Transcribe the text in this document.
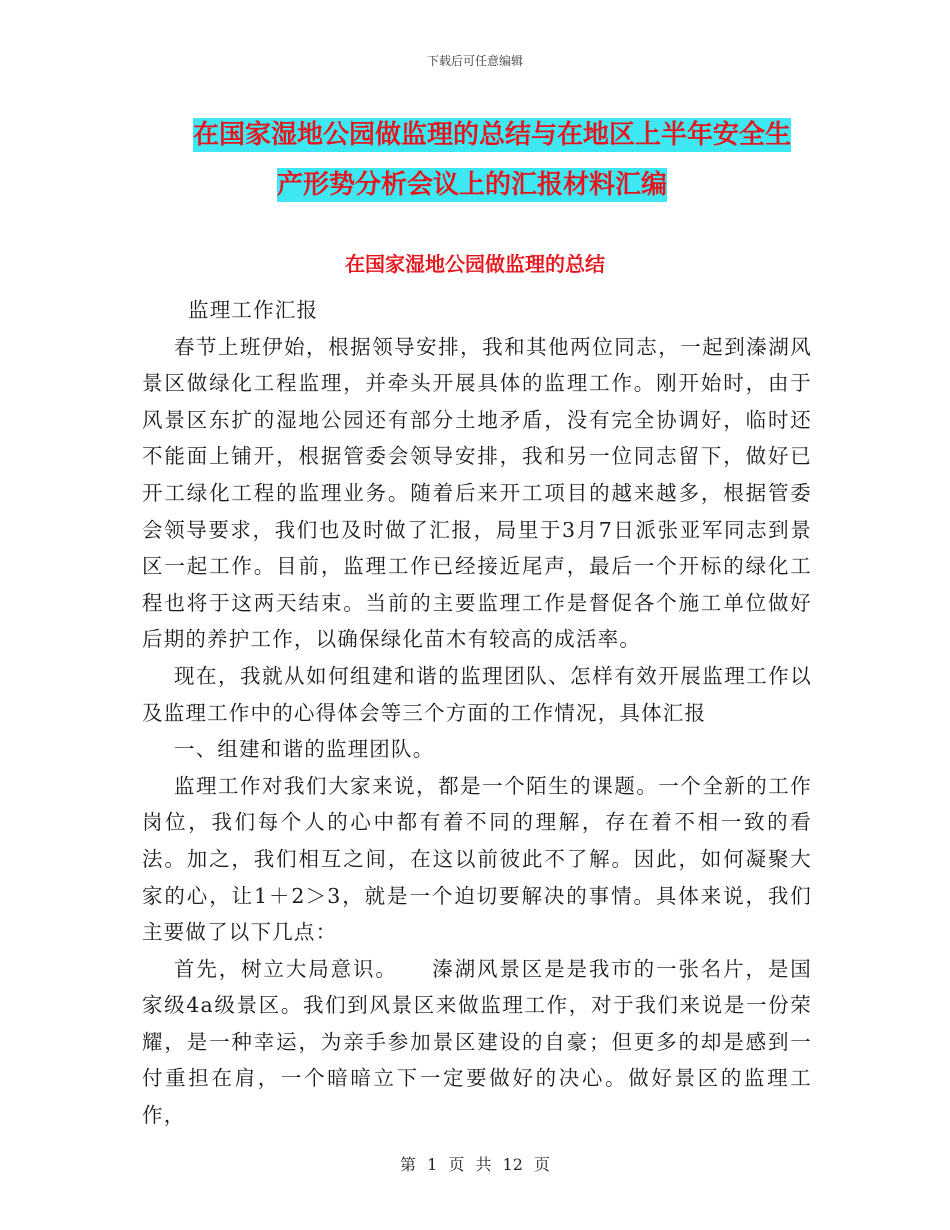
下载后可任意编辑
在国家湿地公园做监理的总结与在地区上半年安全生
产形势分析会议上的汇报材料汇编
在国家湿地公园做监理的总结

监理工作汇报

春节上班伊始，根据领导安排，我和其他两位同志，一起到溱湖风景区做绿化工程监理，并牵头开展具体的监理工作。刚开始时，由于风景区东扩的湿地公园还有部分土地矛盾，没有完全协调好，临时还不能面上铺开，根据管委会领导安排，我和另一位同志留下，做好已开工绿化工程的监理业务。随着后来开工项目的越来越多，根据管委会领导要求，我们也及时做了汇报，局里于3月7日派张亚军同志到景区一起工作。目前，监理工作已经接近尾声，最后一个开标的绿化工程也将于这两天结束。当前的主要监理工作是督促各个施工单位做好后期的养护工作，以确保绿化苗木有较高的成活率。

现在，我就从如何组建和谐的监理团队、怎样有效开展监理工作以及监理工作中的心得体会等三个方面的工作情况，具体汇报

一、组建和谐的监理团队。

监理工作对我们大家来说，都是一个陌生的课题。一个全新的工作岗位，我们每个人的心中都有着不同的理解，存在着不相一致的看法。加之，我们相互之间，在这以前彼此不了解。因此，如何凝聚大家的心，让1＋2＞3，就是一个迫切要解决的事情。具体来说，我们主要做了以下几点：

首先，树立大局意识。　　溱湖风景区是是我市的一张名片，是国家级4a级景区。我们到风景区来做监理工作，对于我们来说是一份荣耀，是一种幸运，为亲手参加景区建设的自豪；但更多的却是感到一付重担在肩，一个暗暗立下一定要做好的决心。做好景区的监理工作，

第 1 页 共 12 页
